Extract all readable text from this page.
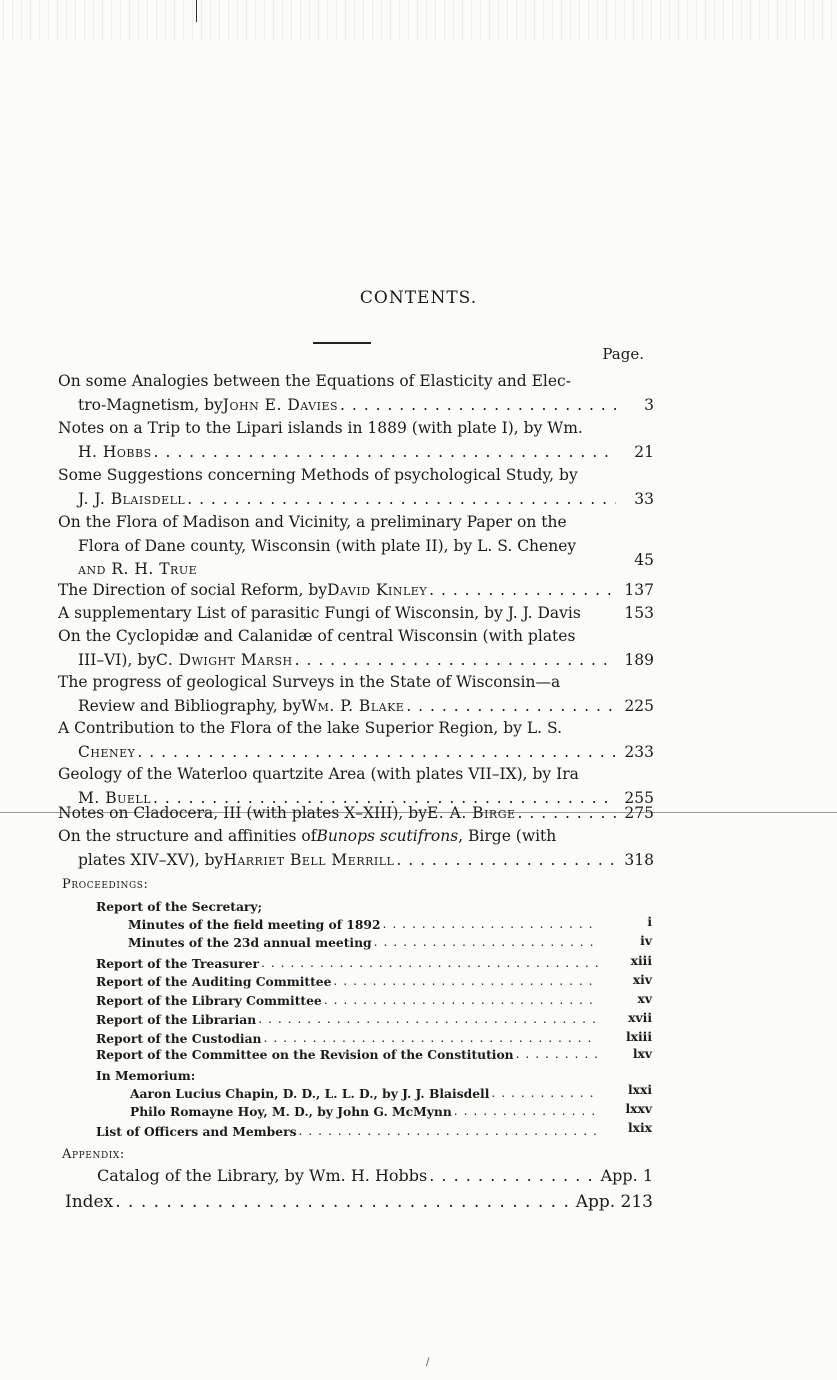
CONTENTS.
Page.
On some Analogies between the Equations of Elasticity and Elec-
tro-Magnetism, by John E. Davies . . .	3
Notes on a Trip to the Lipari islands in 1889 (with plate I), by Wm.
H. Hobbs . . .	21
Some Suggestions concerning Methods of psychological Study, by
J. J. Blaisdell . . .	33
On the Flora of Madison and Vicinity, a preliminary Paper on the
Flora of Dane county, Wisconsin (with plate II), by L. S. Cheney
and R. H. True	45
The Direction of social Reform, by David Kinley . . .	137
A supplementary List of parasitic Fungi of Wisconsin, by J. J. Davis	153
On the Cyclopidæ and Calanidæ of central Wisconsin (with plates
III–VI), by C. Dwight Marsh . . .	189
The progress of geological Surveys in the State of Wisconsin—a
Review and Bibliography, by Wm. P. Blake . . .	225
A Contribution to the Flora of the lake Superior Region, by L. S.
Cheney . . .	233
Geology of the Waterloo quartzite Area (with plates VII–IX), by Ira
M. Buell . . .	255
Notes on Cladocera, III (with plates X–XIII), by E. A. Birge . . .	275
On the structure and affinities of Bunops scutifrons , Birge (with
plates XIV–XV), by Harriet Bell Merrill . . .	318
Proceedings:
Report of the Secretary;
Minutes of the field meeting of 1892 . . .	i
Minutes of the 23d annual meeting . . .	iv
Report of the Treasurer . . .	xiii
Report of the Auditing Committee . . .	xiv
Report of the Library Committee . . .	xv
Report of the Librarian . . .	xvii
Report of the Custodian . . .	lxiii
Report of the Committee on the Revision of the Constitution . . .	lxv
In Memorium:
Aaron Lucius Chapin, D. D., L. L. D., by J. J. Blaisdell . . .	lxxi
Philo Romayne Hoy, M. D., by John G. McMynn . . .	lxxv
List of Officers and Members . . .	lxix
Appendix:
Catalog of the Library, by Wm. H. Hobbs . . .	App. 1
Index . . .	App. 213
/
